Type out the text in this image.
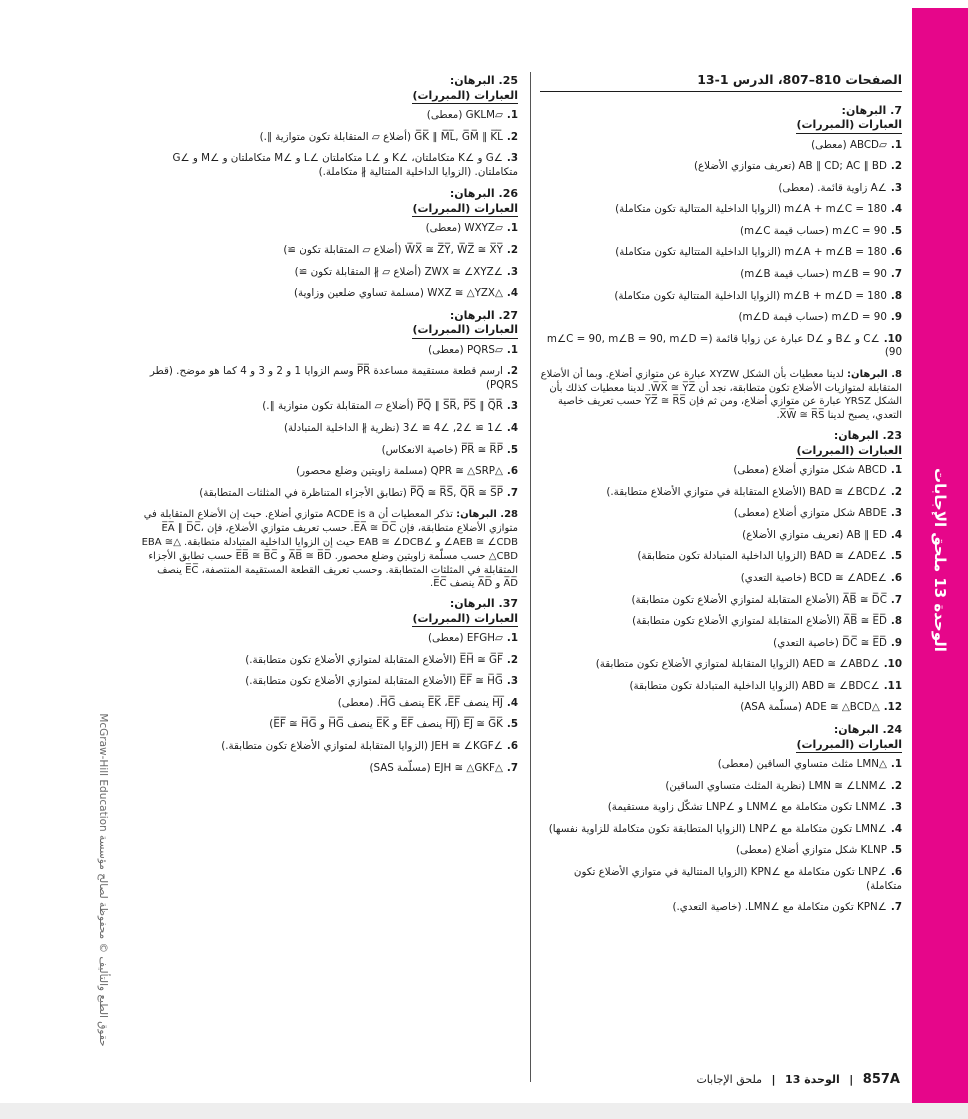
الوحدة 13 ملحق الإجابات
حقوق الطبع والتأليف © محفوظة لصالح مؤسسة McGraw-Hill Education
الصفحات 810–807، الدرس 1-13
7. البرهان:
العبارات (المبررات)
1.▱ABCD (معطى)
2.AB ∥ CD; AC ∥ BD (تعريف متوازي الأضلاع)
3.∠A زاوية قائمة. (معطى)
4.m∠A + m∠C = 180 (الزوايا الداخلية المتتالية تكون متكاملة)
5.m∠C = 90 (حساب قيمة m∠C)
6.m∠A + m∠B = 180 (الزوايا الداخلية المتتالية تكون متكاملة)
7.m∠B = 90 (حساب قيمة m∠B)
8.m∠B + m∠D = 180 (الزوايا الداخلية المتتالية تكون متكاملة)
9.m∠D = 90 (حساب قيمة m∠D)
10.∠C و ∠B و ∠D عبارة عن زوايا قائمة (m∠C = 90, m∠B = 90, m∠D = 90)
8. البرهان: لدينا معطيات بأن الشكل XYZW عبارة عن متوازي أضلاع. وبما أن الأضلاع المتقابلة لمتوازيات الأضلاع تكون متطابقة، نجد أن W̅X̅ ≅ Y̅Z̅. لدينا معطيات كذلك بأن الشكل YRSZ عبارة عن متوازي أضلاع، ومن ثم فإن Y̅Z̅ ≅ R̅S̅ حسب تعريف خاصية التعدي، يصبح لدينا X̅W̅ ≅ R̅S̅.
23. البرهان:
العبارات (المبررات)
1.ABCD شكل متوازي أضلاع (معطى)
2.∠BAD ≅ ∠BCD (الأضلاع المتقابلة في متوازي الأضلاع متطابقة.)
3.ABDE شكل متوازي أضلاع (معطى)
4.AB ∥ ED (تعريف متوازي الأضلاع)
5.∠BAD ≅ ∠ADE (الزوايا الداخلية المتبادلة تكون متطابقة)
6.∠BCD ≅ ∠ADE (خاصية التعدي)
7.A̅B̅ ≅ D̅C̅ (الأضلاع المتقابلة لمتوازي الأضلاع تكون متطابقة)
8.A̅B̅ ≅ E̅D̅ (الأضلاع المتقابلة لمتوازي الأضلاع تكون متطابقة)
9.D̅C̅ ≅ E̅D̅ (خاصية التعدي)
10.∠AED ≅ ∠ABD (الزوايا المتقابلة لمتوازي الأضلاع تكون متطابقة)
11.∠ABD ≅ ∠BDC (الزوايا الداخلية المتبادلة تكون متطابقة)
12.△ADE ≅ △BCD (مسلّمة ASA)
24. البرهان:
العبارات (المبررات)
1.△LMN مثلث متساوي الساقين (معطى)
2.∠LMN ≅ ∠LNM (نظرية المثلث متساوي الساقين)
3.∠LNM تكون متكاملة مع ∠LNM و ∠LNP تشكّل زاوية مستقيمة)
4.∠LMN تكون متكاملة مع ∠LNP (الزوايا المتطابقة تكون متكاملة للزاوية نفسها)
5.KLNP شكل متوازي أضلاع (معطى)
6.∠LNP تكون متكاملة مع ∠KPN (الزوايا المتتالية في متوازي الأضلاع تكون متكاملة)
7.∠KPN تكون متكاملة مع ∠LMN. (خاصية التعدي.)
25. البرهان:
العبارات (المبررات)
1.▱GKLM (معطى)
2.G̅K̅ ∥ M̅L̅, G̅M̅ ∥ K̅L̅ (أضلاع ▱ المتقابلة تكون متوازية ∥.)
3.∠G و ∠K متكاملتان، ∠K و ∠L متكاملتان ∠L و ∠M متكاملتان و ∠M و ∠G متكاملتان. (الزوايا الداخلية المتتالية ∦ متكاملة.)
26. البرهان:
العبارات (المبررات)
1.▱WXYZ (معطى)
2.W̅X̅ ≅ Z̅Y̅, W̅Z̅ ≅ X̅Y̅ (أضلاع ▱ المتقابلة تكون ≅)
3.∠ZWX ≅ ∠XYZ (أضلاع ▱ ∦ المتقابلة تكون ≅)
4.△WXZ ≅ △YZX (مسلمة تساوي ضلعين وزاوية)
27. البرهان:
العبارات (المبررات)
1.▱PQRS (معطى)
2.ارسم قطعة مستقيمة مساعدة P̅R̅ وسم الزوايا 1 و 2 و 3 و 4 كما هو موضح. (قطر PQRS)
3.P̅Q̅ ∥ S̅R̅, P̅S̅ ∥ Q̅R̅ (أضلاع ▱ المتقابلة تكون متوازية ∥.)
4.∠1 ≅ ∠2, ∠4 ≅ ∠3 (نظرية ∦ الداخلية المتبادلة)
5.P̅R̅ ≅ R̅P̅ (خاصية الانعكاس)
6.△QPR ≅ △SRP (مسلمة زاويتين وضلع محصور)
7.P̅Q̅ ≅ R̅S̅, Q̅R̅ ≅ S̅P̅ (تطابق الأجزاء المتناظرة في المثلثات المتطابقة)
28. البرهان: تذكر المعطيات أن ACDE is a متوازي أضلاع. حيث إن الأضلاع المتقابلة في متوازي الأضلاع متطابقة، فإن E̅A̅ ≅ D̅C̅. حسب تعريف متوازي الأضلاع، فإن E̅A̅ ∥ D̅C̅، ∠AEB ≅ ∠CDB و ∠EAB ≅ ∠DCB حيث إن الزوايا الداخلية المتبادلة متطابقة. △EBA ≅ △CBD حسب مسلّمة زاويتين وضلع محصور. A̅B̅ ≅ B̅D̅ و E̅B̅ ≅ B̅C̅ حسب تطابق الأجزاء المتقابلة في المثلثات المتطابقة. وحسب تعريف القطعة المستقيمة المنتصفة، E̅C̅ ينصف A̅D̅ و A̅D̅ ينصف E̅C̅.
37. البرهان:
العبارات (المبررات)
1.▱EFGH (معطى)
2.E̅H̅ ≅ G̅F̅ (الأضلاع المتقابلة لمتوازي الأضلاع تكون متطابقة.)
3.E̅F̅ ≅ H̅G̅ (الأضلاع المتقابلة لمتوازي الأضلاع تكون متطابقة.)
4.H̅J̅ ينصف E̅K̅ ،E̅F̅ ينصف H̅G̅. (معطى)
5.E̅J̅ ≅ G̅K̅ (H̅J̅ ينصف E̅F̅ و E̅K̅ ينصف H̅G̅ و E̅F̅ ≅ H̅G̅)
6.∠JEH ≅ ∠KGF (الزوايا المتقابلة لمتوازي الأضلاع تكون متطابقة.)
7.△EJH ≅ △GKF (مسلّمة SAS)
857A | الوحدة 13 | ملحق الإجابات
